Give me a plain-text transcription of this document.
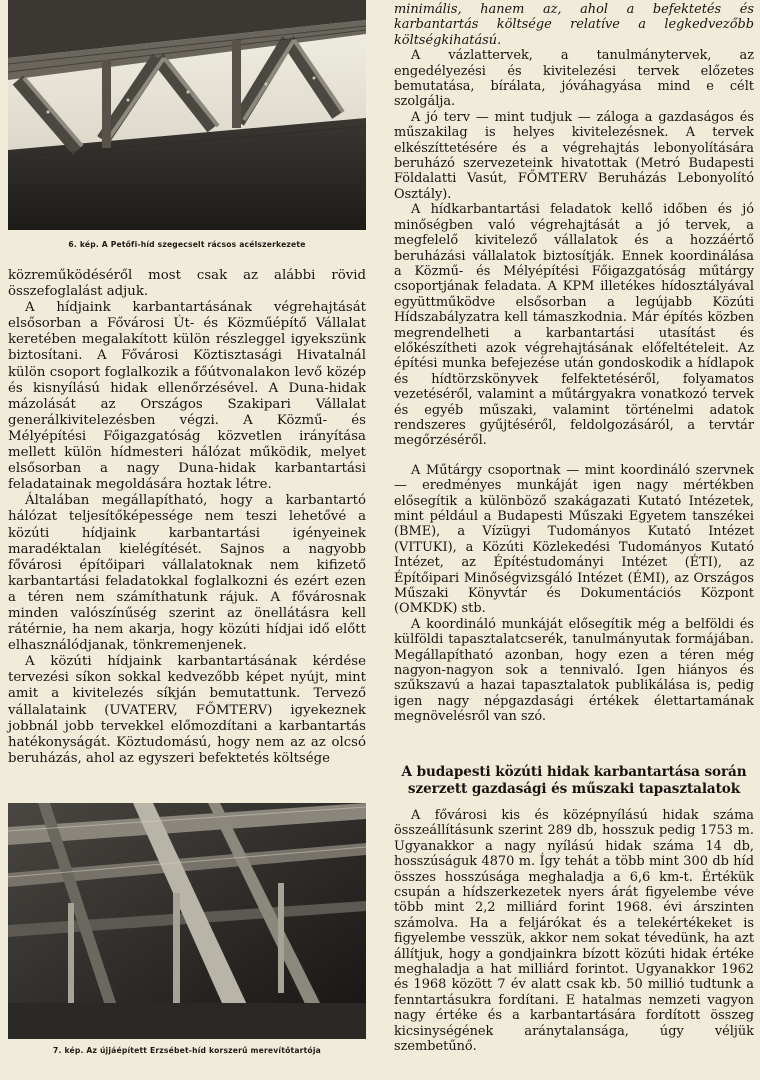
6. kép. A Petőfi-híd szegecselt rácsos acélszerkezete

közreműködéséről most csak az alábbi rövid összefoglalást adjuk.

A hídjaink karbantartásának végrehajtását elsősorban a Fővárosi Út- és Közműépítő Vállalat keretében megalakított külön részleggel igyekszünk biztosítani. A Fővárosi Köztisztasági Hivatalnál külön csoport foglalkozik a főútvonalakon levő közép és kisnyílású hidak ellenőrzésével. A Duna-hidak mázolását az Országos Szakipari Vállalat generálkivitelezésben végzi. A Közmű- és Mélyépítési Főigazgatóság közvetlen irányítása mellett külön hídmesteri hálózat működik, melyet elsősorban a nagy Duna-hidak karbantartási feladatainak megoldására hoztak létre.

Általában megállapítható, hogy a karbantartó hálózat teljesítőképessége nem teszi lehetővé a közúti hídjaink karbantartási igényeinek maradéktalan kielégítését. Sajnos a nagyobb fővárosi építőipari vállalatoknak nem kifizető karbantartási feladatokkal foglalkozni és ezért ezen a téren nem számíthatunk rájuk. A fővárosnak minden valószínűség szerint az önellátásra kell rátérnie, ha nem akarja, hogy közúti hídjai idő előtt elhasználódjanak, tönkremenjenek.

A közúti hídjaink karbantartásának kérdése tervezési síkon sokkal kedvezőbb képet nyújt, mint amit a kivitelezés síkján bemutattunk. Tervező vállalataink (UVATERV, FŐMTERV) igyekeznek jobbnál jobb tervekkel előmozdítani a karbantartás hatékonyságát. Köztudomású, hogy nem az az olcsó beruházás, ahol az egyszeri befektetés költsége

7. kép. Az újjáépített Erzsébet-híd korszerű merevítőtartója

minimális, hanem az, ahol a befektetés és karbantartás költsége relatíve a legkedvezőbb költségkihatású.

A vázlattervek, a tanulmánytervek, az engedélyezési és kivitelezési tervek előzetes bemutatása, bírálata, jóváhagyása mind e célt szolgálja.

A jó terv — mint tudjuk — záloga a gazdaságos és műszakilag is helyes kivitelezésnek. A tervek elkészíttetésére és a végrehajtás lebonyolítására beruházó szervezeteink hivatottak (Metró Budapesti Földalatti Vasút, FŐMTERV Beruházás Lebonyolító Osztály).

A hídkarbantartási feladatok kellő időben és jó minőségben való végrehajtását a jó tervek, a megfelelő kivitelező vállalatok és a hozzáértő beruházási vállalatok biztosítják. Ennek koordinálása a Közmű- és Mélyépítési Főigazgatóság műtárgy csoportjának feladata. A KPM illetékes hídosztályával együttműködve elsősorban a legújabb Közúti Hídszabályzatra kell támaszkodnia. Már építés közben megrendelheti a karbantartási utasítást és előkészítheti azok végrehajtásának előfeltételeit. Az építési munka befejezése után gondoskodik a hídlapok és hídtörzskönyvek felfektetéséről, folyamatos vezetéséről, valamint a műtárgyakra vonatkozó tervek és egyéb műszaki, valamint történelmi adatok rendszeres gyűjtéséről, feldolgozásáról, a tervtár megőrzéséről.

A Műtárgy csoportnak — mint koordináló szervnek — eredményes munkáját igen nagy mértékben elősegítik a különböző szakágazati Kutató Intézetek, mint például a Budapesti Műszaki Egyetem tanszékei (BME), a Vízügyi Tudományos Kutató Intézet (VITUKI), a Közúti Közlekedési Tudományos Kutató Intézet, az Építéstudományi Intézet (ÉTI), az Építőipari Minőségvizsgáló Intézet (ÉMI), az Országos Műszaki Könyvtár és Dokumentációs Központ (OMKDK) stb.

A koordináló munkáját elősegítik még a belföldi és külföldi tapasztalatcserék, tanulmányutak formájában. Megállapítható azonban, hogy ezen a téren még nagyon-nagyon sok a tennivaló. Igen hiányos és szűkszavú a hazai tapasztalatok publikálása is, pedig igen nagy népgazdasági értékek élettartamának megnövelésről van szó.

A budapesti közúti hidak karbantartása során szerzett gazdasági és műszaki tapasztalatok

A fővárosi kis és középnyílású hidak száma összeállításunk szerint 289 db, hosszuk pedig 1753 m. Ugyanakkor a nagy nyílású hidak száma 14 db, hosszúságuk 4870 m. Így tehát a több mint 300 db híd összes hosszúsága meghaladja a 6,6 km-t. Értékük csupán a hídszerkezetek nyers árát figyelembe véve több mint 2,2 milliárd forint 1968. évi árszinten számolva. Ha a feljárókat és a telekértékeket is figyelembe vesszük, akkor nem sokat tévedünk, ha azt állítjuk, hogy a gondjainkra bízott közúti hidak értéke meghaladja a hat milliárd forintot. Ugyanakkor 1962 és 1968 között 7 év alatt csak kb. 50 millió tudtunk a fenntartásukra fordítani. E hatalmas nemzeti vagyon nagy értéke és a karbantartására fordított összeg kicsinységének aránytalansága, úgy véljük szembetűnő.
